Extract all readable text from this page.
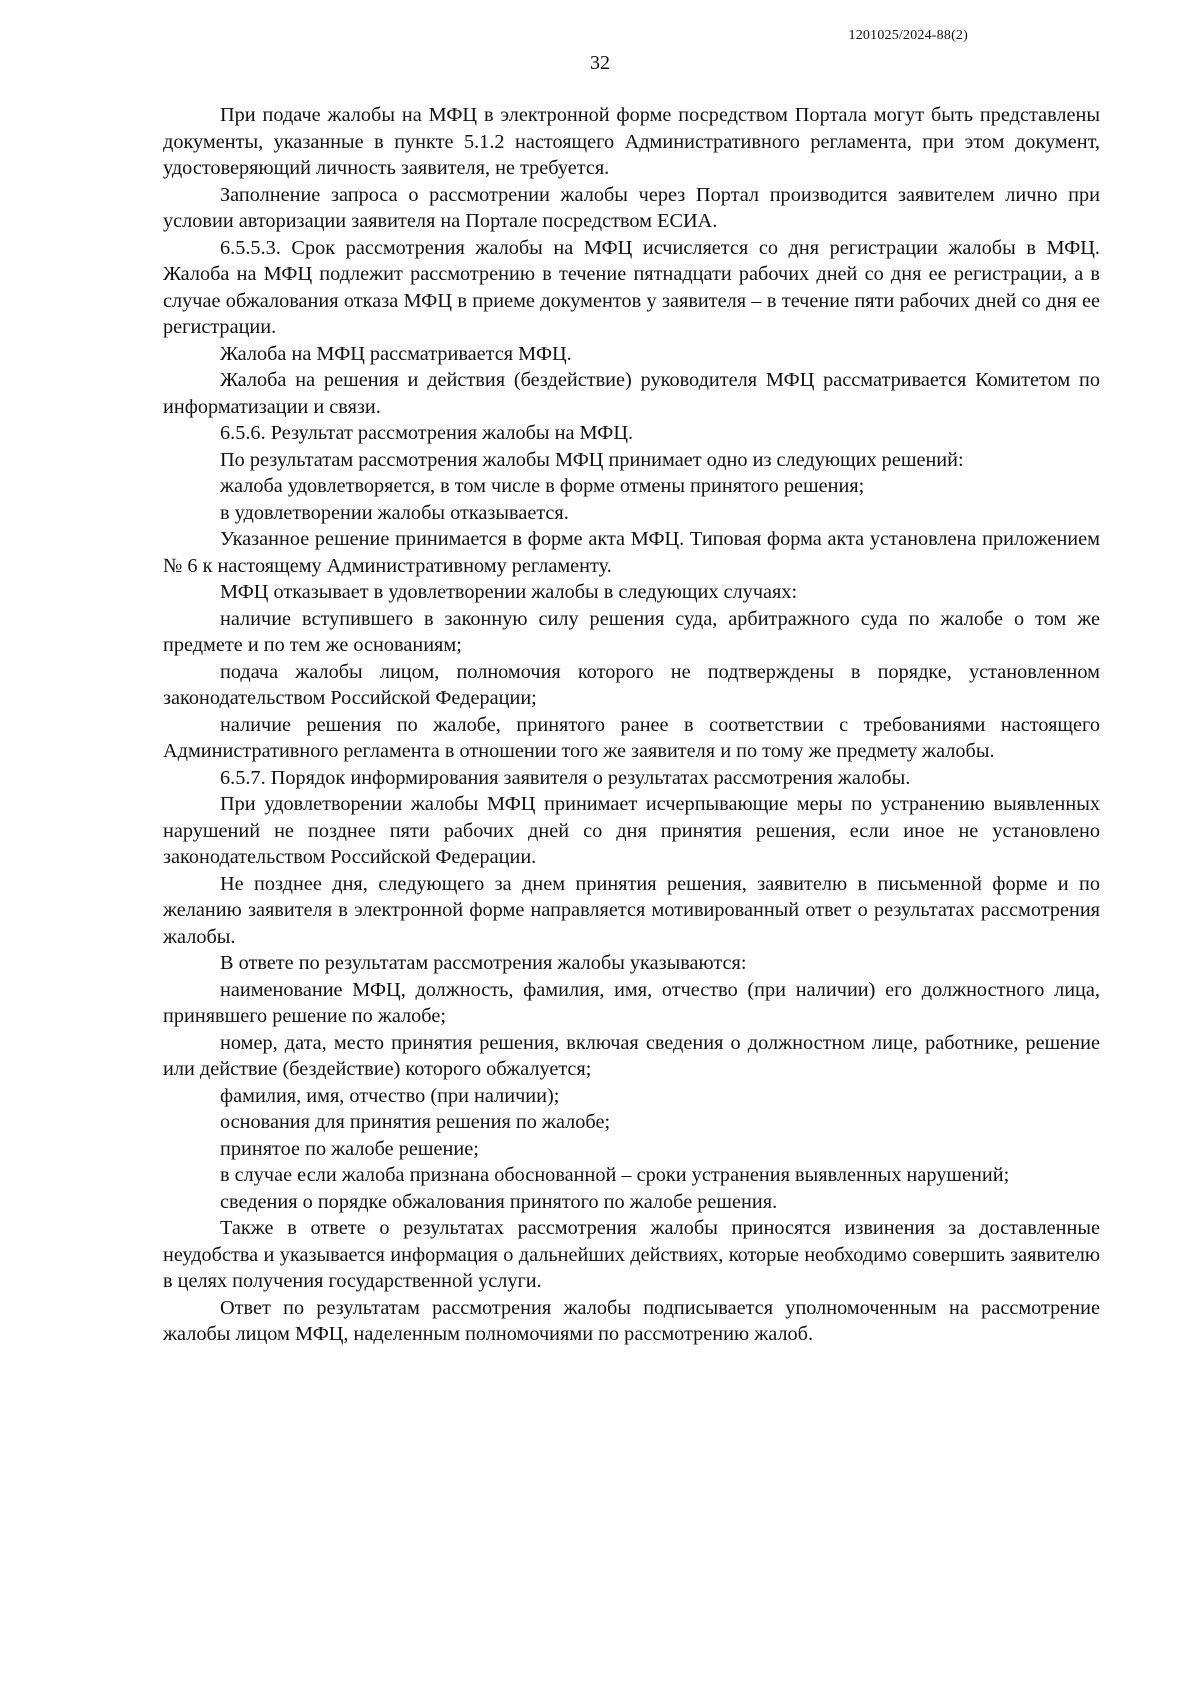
1201025/2024-88(2)
32

При подаче жалобы на МФЦ в электронной форме посредством Портала могут быть представлены документы, указанные в пункте 5.1.2 настоящего Административного регламента, при этом документ, удостоверяющий личность заявителя, не требуется.

Заполнение запроса о рассмотрении жалобы через Портал производится заявителем лично при условии авторизации заявителя на Портале посредством ЕСИА.

6.5.5.3. Срок рассмотрения жалобы на МФЦ исчисляется со дня регистрации жалобы в МФЦ. Жалоба на МФЦ подлежит рассмотрению в течение пятнадцати рабочих дней со дня ее регистрации, а в случае обжалования отказа МФЦ в приеме документов у заявителя – в течение пяти рабочих дней со дня ее регистрации.

Жалоба на МФЦ рассматривается МФЦ.

Жалоба на решения и действия (бездействие) руководителя МФЦ рассматривается Комитетом по информатизации и связи.

6.5.6. Результат рассмотрения жалобы на МФЦ.

По результатам рассмотрения жалобы МФЦ принимает одно из следующих решений:

жалоба удовлетворяется, в том числе в форме отмены принятого решения;

в удовлетворении жалобы отказывается.

Указанное решение принимается в форме акта МФЦ. Типовая форма акта установлена приложением № 6 к настоящему Административному регламенту.

МФЦ отказывает в удовлетворении жалобы в следующих случаях:

наличие вступившего в законную силу решения суда, арбитражного суда по жалобе о том же предмете и по тем же основаниям;

подача жалобы лицом, полномочия которого не подтверждены в порядке, установленном законодательством Российской Федерации;

наличие решения по жалобе, принятого ранее в соответствии с требованиями настоящего Административного регламента в отношении того же заявителя и по тому же предмету жалобы.

6.5.7. Порядок информирования заявителя о результатах рассмотрения жалобы.

При удовлетворении жалобы МФЦ принимает исчерпывающие меры по устранению выявленных нарушений не позднее пяти рабочих дней со дня принятия решения, если иное не установлено законодательством Российской Федерации.

Не позднее дня, следующего за днем принятия решения, заявителю в письменной форме и по желанию заявителя в электронной форме направляется мотивированный ответ о результатах рассмотрения жалобы.

В ответе по результатам рассмотрения жалобы указываются:

наименование МФЦ, должность, фамилия, имя, отчество (при наличии) его должностного лица, принявшего решение по жалобе;

номер, дата, место принятия решения, включая сведения о должностном лице, работнике, решение или действие (бездействие) которого обжалуется;

фамилия, имя, отчество (при наличии);

основания для принятия решения по жалобе;

принятое по жалобе решение;

в случае если жалоба признана обоснованной – сроки устранения выявленных нарушений;

сведения о порядке обжалования принятого по жалобе решения.

Также в ответе о результатах рассмотрения жалобы приносятся извинения за доставленные неудобства и указывается информация о дальнейших действиях, которые необходимо совершить заявителю в целях получения государственной услуги.

Ответ по результатам рассмотрения жалобы подписывается уполномоченным на рассмотрение жалобы лицом МФЦ, наделенным полномочиями по рассмотрению жалоб.
